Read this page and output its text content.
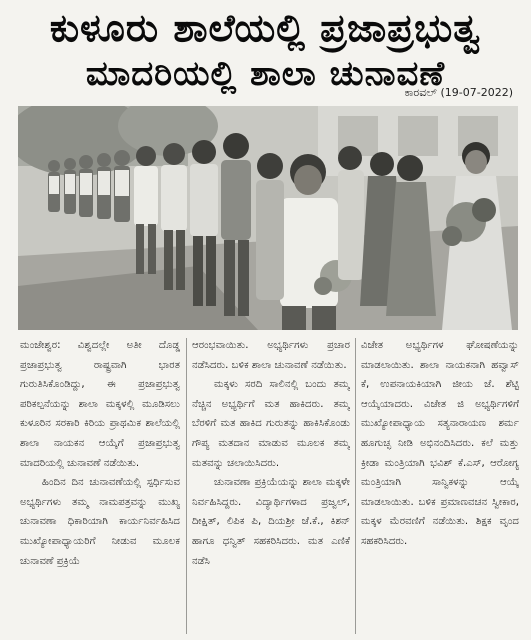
ಕುಳೂರು ಶಾಲೆಯಲ್ಲಿ ಪ್ರಜಾಪ್ರಭುತ್ವ
ಮಾದರಿಯಲ್ಲಿ ಶಾಲಾ ಚುನಾವಣೆ
ಕಾರವಲ್ (19-07-2022)

ಮಂಜೇಶ್ವರ: ವಿಶ್ವದಲ್ಲೇ ಅತೀ ದೊಡ್ಡ ಪ್ರಜಾಪ್ರಭುತ್ವ ರಾಷ್ಟ್ರವಾಗಿ ಭಾರತ ಗುರುತಿಸಿಕೊಂಡಿದ್ದು, ಈ ಪ್ರಜಾಪ್ರಭುತ್ವ ಪರಿಕಲ್ಪನೆಯನ್ನು ಶಾಲಾ ಮಕ್ಕಳಲ್ಲಿ ಮೂಡಿಸಲು ಕುಳೂರಿನ ಸರಕಾರಿ ಕಿರಿಯ ಪ್ರಾಥಮಿಕ ಶಾಲೆಯಲ್ಲಿ ಶಾಲಾ ನಾಯಕನ ಆಯ್ಕೆಗೆ ಪ್ರಜಾಪ್ರಭುತ್ವ ಮಾದರಿಯಲ್ಲಿ ಚುನಾವಣೆ ನಡೆಯಿತು.

ಹಿಂದಿನ ದಿನ ಚುನಾವಣೆಯಲ್ಲಿ ಸ್ಪರ್ಧಿಸುವ ಅಭ್ಯರ್ಥಿಗಳು ತಮ್ಮ ನಾಮಪತ್ರವನ್ನು ಮುಖ್ಯ ಚುನಾವಣಾ ಧಿಕಾರಿಯಾಗಿ ಕಾರ್ಯನಿರ್ವಹಿಸಿದ ಮುಖ್ಯೋಪಾಧ್ಯಾಯರಿಗೆ ನೀಡುವ ಮೂಲಕ ಚುನಾವಣೆ ಪ್ರಕ್ರಿಯೆ

ಆರಂಭವಾಯಿತು. ಅಭ್ಯರ್ಥಿಗಳು ಪ್ರಚಾರ ನಡೆಸಿದರು. ಬಳಿಕ ಶಾಲಾ ಚುನಾವಣೆ ನಡೆಯಿತು.

ಮಕ್ಕಳು ಸರದಿ ಸಾಲಿನಲ್ಲಿ ಬಂದು ತಮ್ಮ ನೆಚ್ಚಿನ ಅಭ್ಯರ್ಥಿಗೆ ಮತ ಹಾಕಿದರು. ತಮ್ಮ ಬೆರಳಿಗೆ ಮತ ಹಾಕಿದ ಗುರುತನ್ನು ಹಾಕಿಸಿಕೊಂಡು ಗೌಪ್ಯ ಮತದಾನ ಮಾಡುವ ಮೂಲಕ ತಮ್ಮ ಮತವನ್ನು ಚಲಾಯಿಸಿದರು.

ಚುನಾವಣಾ ಪ್ರಕ್ರಿಯೆಯನ್ನು ಶಾಲಾ ಮಕ್ಕಳೇ ನಿರ್ವಹಿಸಿದ್ದರು. ವಿದ್ಯಾರ್ಥಿಗಳಾದ ಪ್ರಜ್ವಲ್, ದೀಕ್ಷಿತ್, ಲಿಪಿಕ ಪಿ, ದಿಯಶ್ರೀ ಜೆ.ಕೆ., ಕಿಶನ್ ಹಾಗೂ ಧನ್ವಿತ್ ಸಹಕರಿಸಿದರು. ಮತ ಎಣಿಕೆ ನಡೆಸಿ

ವಿಜೇತ ಅಭ್ಯರ್ಥಿಗಳ ಘೋಷಣೆಯನ್ನು ಮಾಡಲಾಯಿತು. ಶಾಲಾ ನಾಯಕನಾಗಿ ಹವ್ವಾಸ್ ಕೆ, ಉಪನಾಯಕಿಯಾಗಿ ಜೀಯ ಜೆ. ಶೆಟ್ಟಿ ಆಯ್ಕೆಯಾದರು. ವಿಜೇತ ಜಿ ಅಭ್ಯರ್ಥಿಗಳಿಗೆ ಮುಖ್ಯೋಪಾಧ್ಯಾಯ ಸತ್ಯನಾರಾಯಣ ಶರ್ಮ ಹೂಗುಚ್ಛ ನೀಡಿ ಅಭಿನಂದಿಸಿದರು. ಕಲೆ ಮತ್ತು ಕ್ರೀಡಾ ಮಂತ್ರಿಯಾಗಿ ಭವಿಶ್ ಕೆ.ಎಸ್, ಆರೋಗ್ಯ ಮಂತ್ರಿಯಾಗಿ ಸಾನ್ವಿಕಳನ್ನು ಆಯ್ಕೆ ಮಾಡಲಾಯಿತು. ಬಳಿಕ ಪ್ರಮಾಣವಚನ ಸ್ವೀಕಾರ, ಮಕ್ಕಳ ಮೆರವಣಿಗೆ ನಡೆಯಿತು. ಶಿಕ್ಷಕ ವೃಂದ ಸಹಕರಿಸಿದರು.
